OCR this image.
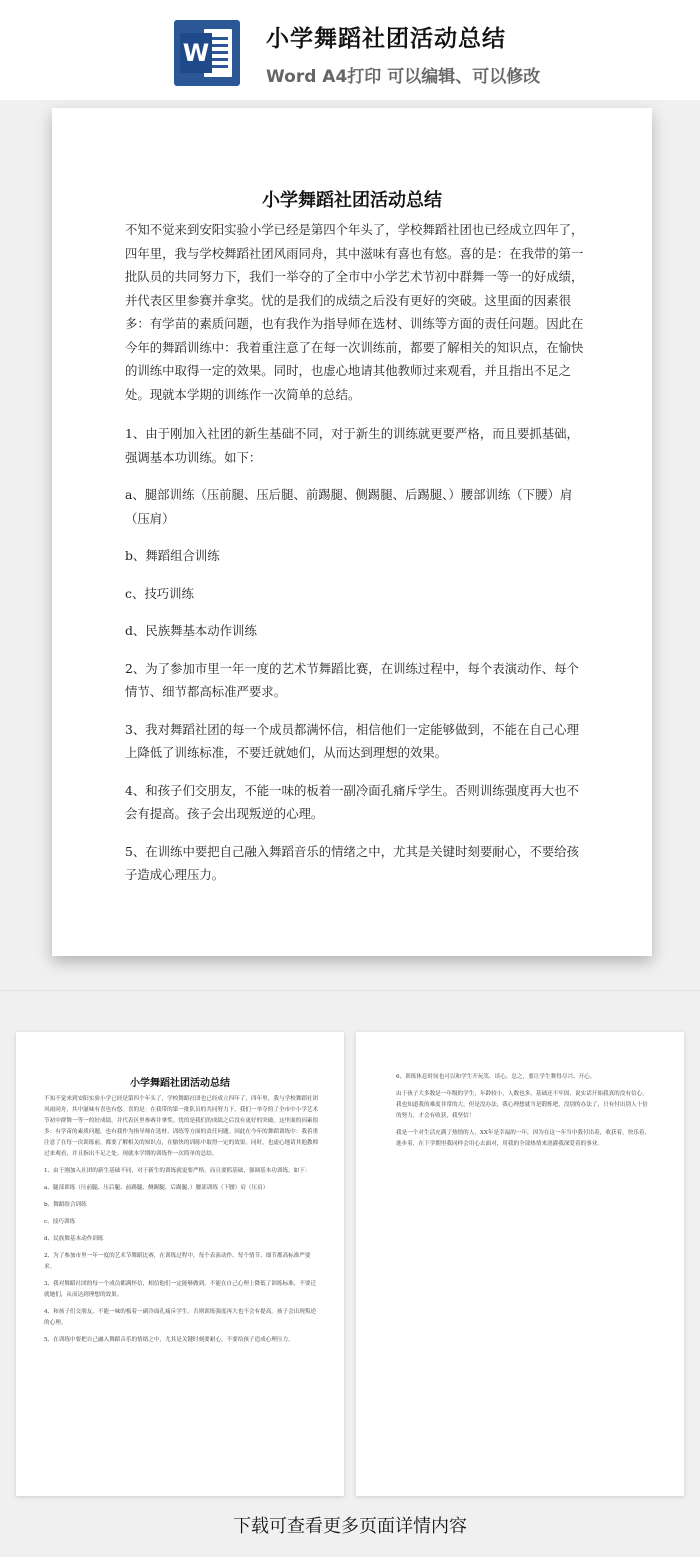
W 小学舞蹈社团活动总结
Word A4打印 可以编辑、可以修改
小学舞蹈社团活动总结

不知不觉来到安阳实验小学已经是第四个年头了，学校舞蹈社团也已经成立四年了，四年里，我与学校舞蹈社团风雨同舟，其中滋味有喜也有悠。喜的是：在我带的第一批队员的共同努力下，我们一举夺的了全市中小学艺术节初中群舞一等一的好成绩，并代表区里参赛并拿奖。忧的是我们的成绩之后没有更好的突破。这里面的因素很多：有学苗的素质问题，也有我作为指导师在选材、训练等方面的责任问题。因此在今年的舞蹈训练中：我着重注意了在每一次训练前，都要了解相关的知识点，在愉快的训练中取得一定的效果。同时，也虚心地请其他教师过来观看，并且指出不足之处。现就本学期的训练作一次简单的总结。

1、由于刚加入社团的新生基础不同，对于新生的训练就更要严格，而且要抓基础，强调基本功训练。如下：

a、腿部训练（压前腿、压后腿、前踢腿、侧踢腿、后踢腿、）腰部训练（下腰）肩（压肩）

b、舞蹈组合训练

c、技巧训练

d、民族舞基本动作训练

2、为了参加市里一年一度的艺术节舞蹈比赛，在训练过程中，每个表演动作、每个情节、细节都高标准严要求。

3、我对舞蹈社团的每一个成员都满怀信，相信他们一定能够做到，不能在自己心理上降低了训练标准，不要迁就她们，从而达到理想的效果。

4、和孩子们交朋友，不能一味的板着一副冷面孔痛斥学生。否则训练强度再大也不会有提高。孩子会出现叛逆的心理。

5、在训练中要把自己融入舞蹈音乐的情绪之中，尤其是关键时刻要耐心，不要给孩子造成心理压力。

小学舞蹈社团活动总结

不知不觉来到安阳实验小学已经是第四个年头了，学校舞蹈社团也已经成立四年了，四年里，我与学校舞蹈社团风雨同舟，其中滋味有喜也有悠。喜的是：在我带的第一批队员的共同努力下，我们一举夺的了全市中小学艺术节初中群舞一等一的好成绩，并代表区里参赛并拿奖。忧的是我们的成绩之后没有更好的突破。这里面的因素很多：有学苗的素质问题，也有我作为指导师在选材、训练等方面的责任问题。因此在今年的舞蹈训练中：我着重注意了在每一次训练前，都要了解相关的知识点，在愉快的训练中取得一定的效果。同时，也虚心地请其他教师过来观看，并且指出不足之处。现就本学期的训练作一次简单的总结。

1、由于刚加入社团的新生基础不同，对于新生的训练就更要严格，而且要抓基础，强调基本功训练。如下：

a、腿部训练（压前腿、压后腿、前踢腿、侧踢腿、后踢腿、）腰部训练（下腰）肩（压肩）

b、舞蹈组合训练

c、技巧训练

d、民族舞基本动作训练

2、为了参加市里一年一度的艺术节舞蹈比赛，在训练过程中，每个表演动作、每个情节、细节都高标准严要求。

3、我对舞蹈社团的每一个成员都满怀信，相信他们一定能够做到，不能在自己心理上降低了训练标准，不要迁就她们，从而达到理想的效果。

4、和孩子们交朋友，不能一味的板着一副冷面孔痛斥学生。否则训练强度再大也不会有提高。孩子会出现叛逆的心理。

5、在训练中要把自己融入舞蹈音乐的情绪之中，尤其是关键时刻要耐心，不要给孩子造成心理压力。

6、训练休息时间也可以和学生开玩笑、谈心，总之，要让学生舞得尽兴、开心。

由于孩子大多数是一年级的学生，年龄较小，人数也多，基础还不牢固，说实话开始我真的没有信心，我也知道我的难度非常的大，但是没办法，我心理想就当是锻炼吧，没别的办法了，只有付出别人十倍的努力，才会有收获，我坚信！

我是一个对生活充满了热情的人，XX年是幸福的一年，因为在这一年当中我付出着，收获着，快乐着，進步着，在下学期里我同样会用心去面对，用我的全部热情来浇灌我深爱着的事业。

下载可查看更多页面详情内容
